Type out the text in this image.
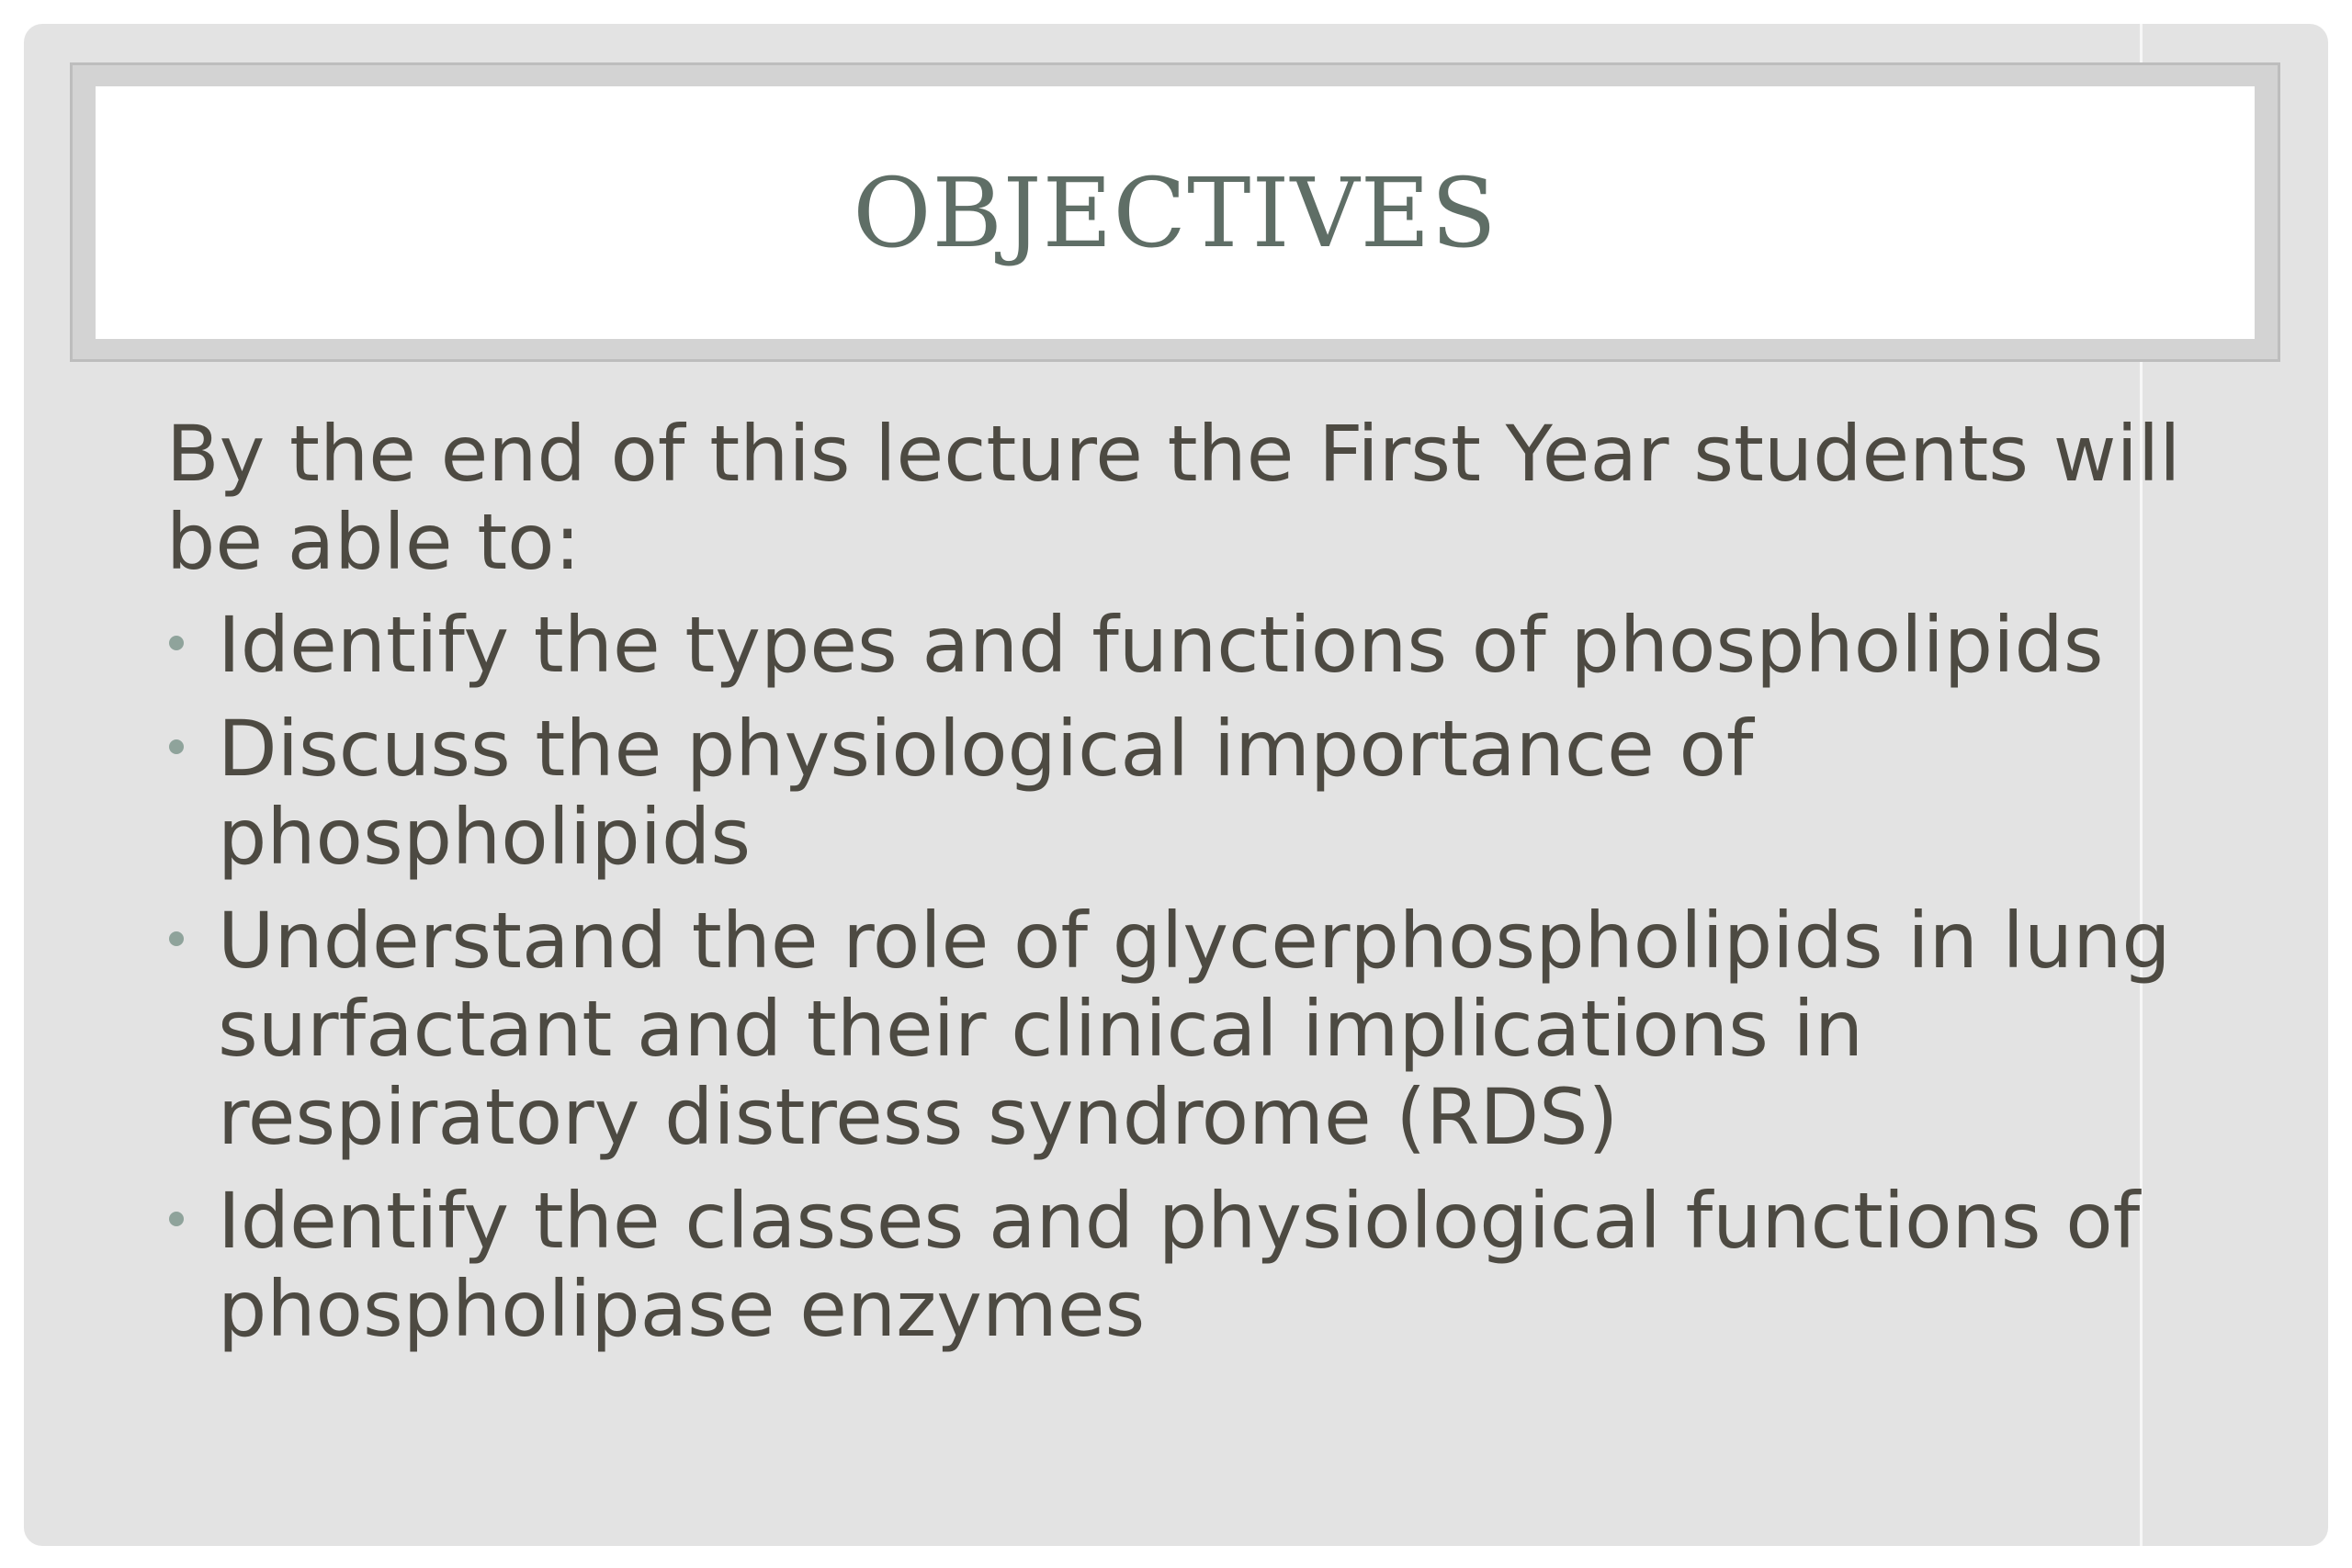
OBJECTIVES

By the end of this lecture the First Year students will be able to:

Identify the types and functions of phospholipids
Discuss the physiological importance of phospholipids
Understand the role of glycerphospholipids in lung surfactant and their clinical implications in respiratory distress syndrome (RDS)
Identify the classes and physiological functions of phospholipase enzymes
